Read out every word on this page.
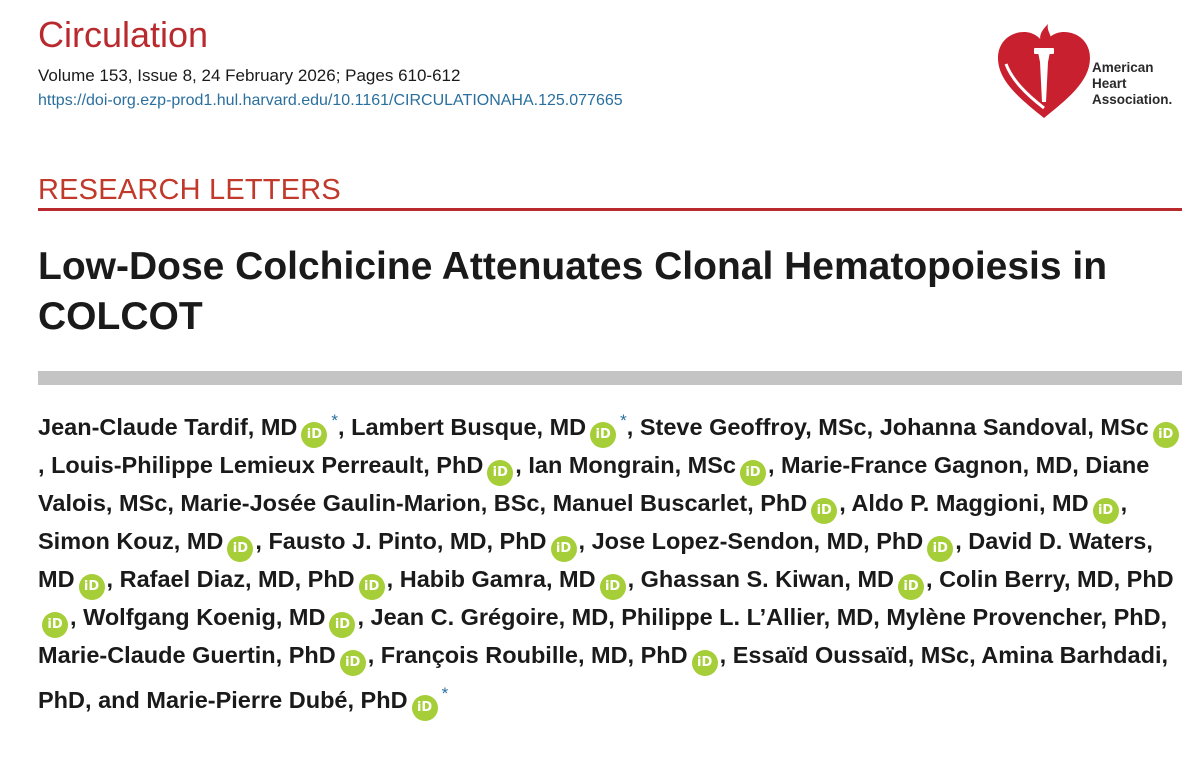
Circulation
Volume 153, Issue 8, 24 February 2026; Pages 610-612
https://doi-org.ezp-prod1.hul.harvard.edu/10.1161/CIRCULATIONAHA.125.077665
American
Heart
Association.
RESEARCH LETTERS
Low-Dose Colchicine Attenuates Clonal Hematopoiesis in COLCOT
Jean-Claude Tardif, MD iD*, Lambert Busque, MD iD*, Steve Geoffroy, MSc, Johanna Sandoval, MSc iD, Louis-Philippe Lemieux Perreault, PhD iD , Ian Mongrain, MSc iD , Marie-France Gagnon, MD, Diane Valois, MSc, Marie-Josée Gaulin-Marion, BSc, Manuel Buscarlet, PhD iD , Aldo P. Maggioni, MD iD , Simon Kouz, MD iD , Fausto J. Pinto, MD, PhD iD , Jose Lopez-Sendon, MD, PhD iD , David D. Waters, MD iD , Rafael Diaz, MD, PhD iD , Habib Gamra, MD iD , Ghassan S. Kiwan, MD iD , Colin Berry, MD, PhDiD , Wolfgang Koenig, MD iD , Jean C. Grégoire, MD, Philippe L. L’Allier, MD, Mylène Provencher, PhD, Marie-Claude Guertin, PhD iD , François Roubille, MD, PhD iD , Essaïd Oussaïd, MSc, Amina Barhdadi, PhD, and Marie-Pierre Dubé, PhD iD*
